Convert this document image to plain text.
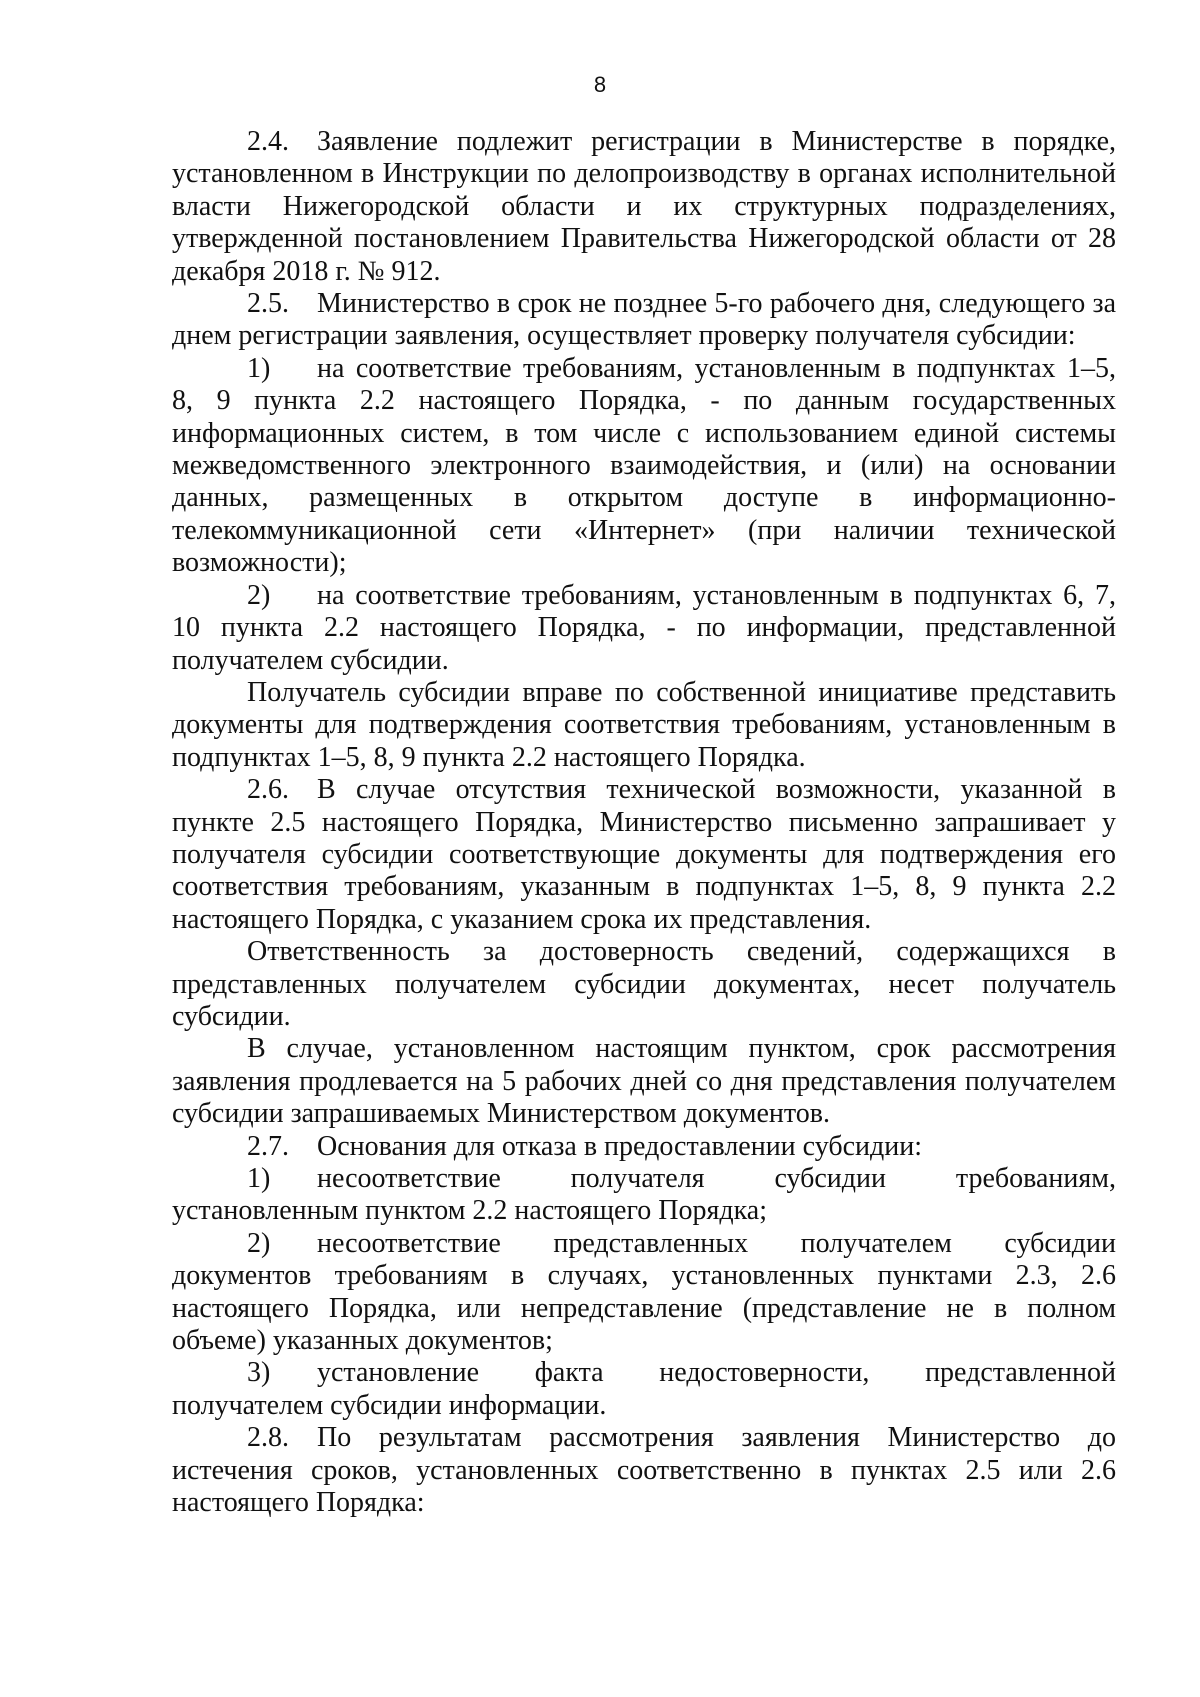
8

2.4. Заявление подлежит регистрации в Министерстве в порядке, установленном в Инструкции по делопроизводству в органах исполнительной власти Нижегородской области и их структурных подразделениях, утвержденной постановлением Правительства Нижегородской области от 28 декабря 2018 г. № 912.

2.5. Министерство в срок не позднее 5-го рабочего дня, следующего за днем регистрации заявления, осуществляет проверку получателя субсидии:

1) на соответствие требованиям, установленным в подпунктах 1–5, 8, 9 пункта 2.2 настоящего Порядка, - по данным государственных информационных систем, в том числе с использованием единой системы межведомственного электронного взаимодействия, и (или) на основании данных, размещенных в открытом доступе в информационно-телекоммуникационной сети «Интернет» (при наличии технической возможности);

2) на соответствие требованиям, установленным в подпунктах 6, 7, 10 пункта 2.2 настоящего Порядка, - по информации, представленной получателем субсидии.

Получатель субсидии вправе по собственной инициативе представить документы для подтверждения соответствия требованиям, установленным в подпунктах 1–5, 8, 9 пункта 2.2 настоящего Порядка.

2.6. В случае отсутствия технической возможности, указанной в пункте 2.5 настоящего Порядка, Министерство письменно запрашивает у получателя субсидии соответствующие документы для подтверждения его соответствия требованиям, указанным в подпунктах 1–5, 8, 9 пункта 2.2 настоящего Порядка, с указанием срока их представления.

Ответственность за достоверность сведений, содержащихся в представленных получателем субсидии документах, несет получатель субсидии.

В случае, установленном настоящим пунктом, срок рассмотрения заявления продлевается на 5 рабочих дней со дня представления получателем субсидии запрашиваемых Министерством документов.

2.7. Основания для отказа в предоставлении субсидии:

1) несоответствие получателя субсидии требованиям, установленным пунктом 2.2 настоящего Порядка;

2) несоответствие представленных получателем субсидии документов требованиям в случаях, установленных пунктами 2.3, 2.6 настоящего Порядка, или непредставление (представление не в полном объеме) указанных документов;

3) установление факта недостоверности, представленной получателем субсидии информации.

2.8. По результатам рассмотрения заявления Министерство до истечения сроков, установленных соответственно в пунктах 2.5 или 2.6 настоящего Порядка:
